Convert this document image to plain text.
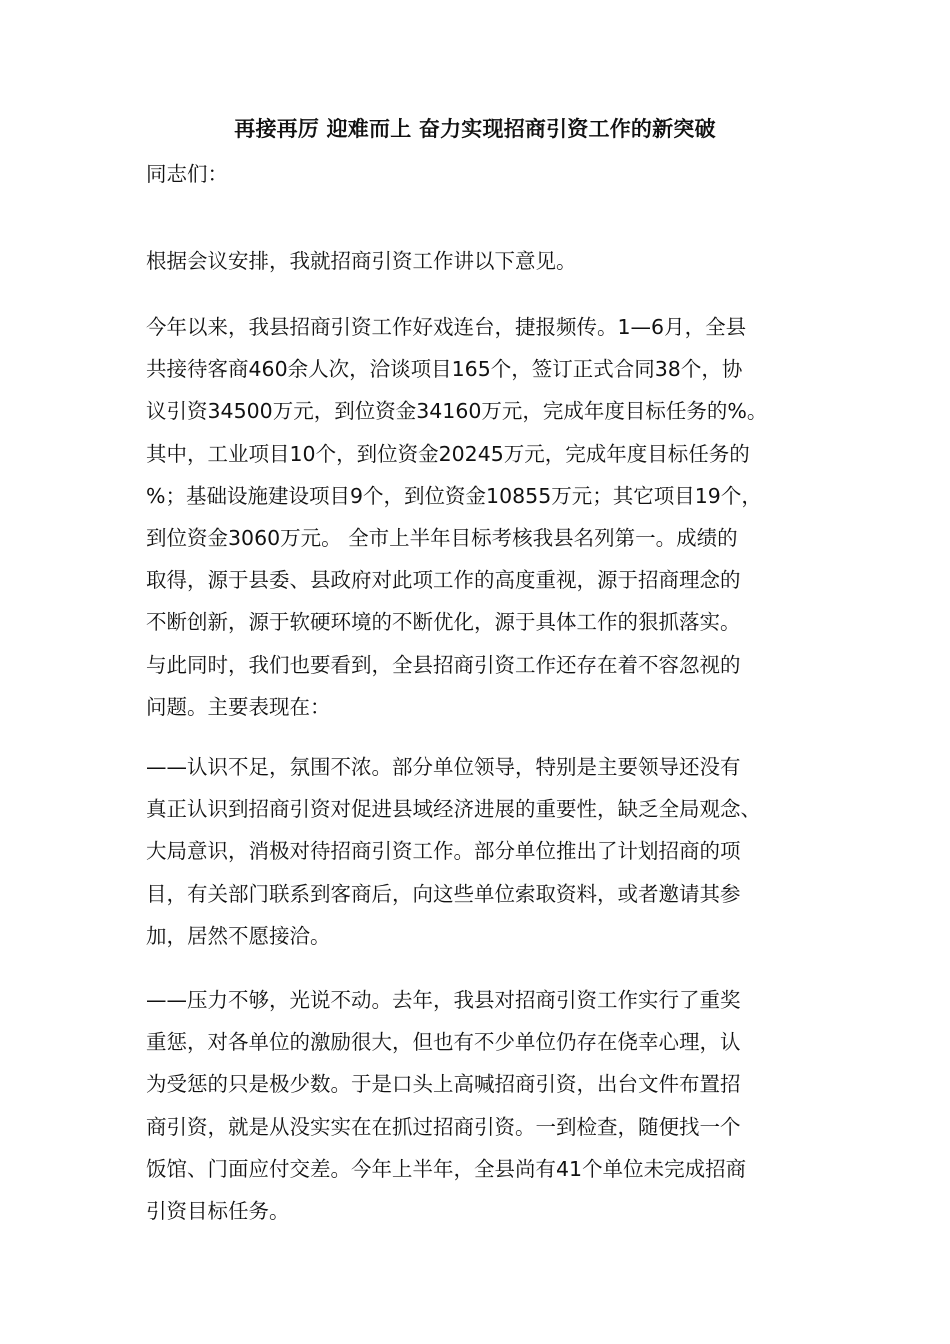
再接再厉 迎难而上 奋力实现招商引资工作的新突破

同志们：

根据会议安排，我就招商引资工作讲以下意见。

今年以来，我县招商引资工作好戏连台，捷报频传。1—6月，全县
共接待客商460余人次，洽谈项目165个，签订正式合同38个，协
议引资34500万元，到位资金34160万元，完成年度目标任务的%。
其中，工业项目10个，到位资金20245万元，完成年度目标任务的
%；基础设施建设项目9个，到位资金10855万元；其它项目19个，
到位资金3060万元。 全市上半年目标考核我县名列第一。成绩的
取得，源于县委、县政府对此项工作的高度重视，源于招商理念的
不断创新，源于软硬环境的不断优化，源于具体工作的狠抓落实。
与此同时，我们也要看到，全县招商引资工作还存在着不容忽视的
问题。主要表现在：

——认识不足，氛围不浓。部分单位领导，特别是主要领导还没有
真正认识到招商引资对促进县域经济进展的重要性，缺乏全局观念、
大局意识，消极对待招商引资工作。部分单位推出了计划招商的项
目，有关部门联系到客商后，向这些单位索取资料，或者邀请其参
加，居然不愿接洽。

——压力不够，光说不动。去年，我县对招商引资工作实行了重奖
重惩，对各单位的激励很大，但也有不少单位仍存在侥幸心理，认
为受惩的只是极少数。于是口头上高喊招商引资，出台文件布置招
商引资，就是从没实实在在抓过招商引资。一到检查，随便找一个
饭馆、门面应付交差。今年上半年，全县尚有41个单位未完成招商
引资目标任务。
